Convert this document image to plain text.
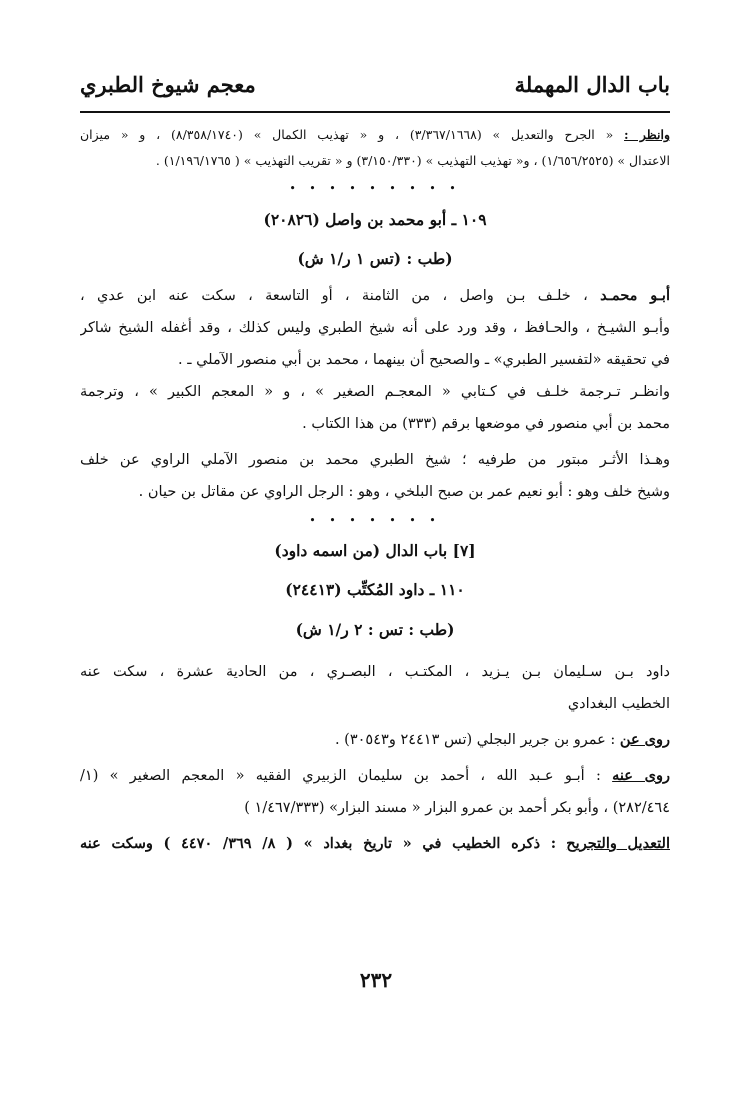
باب الدال المهملة
معجم شيوخ الطبري

وانظر : « الجرح والتعديل » (٣/٣٦٧/١٦٦٨) ، و « تهذيب الكمال » (٨/٣٥٨/١٧٤٠) ، و « ميزان

الاعتدال » (١/٦٥٦/٢٥٢٥) ، و« تهذيب التهذيب » (٣/١٥٠/٣٣٠) و « تقريب التهذيب » ( ١/١٩٦/١٧٦٥) .

• • • • • • • • •

١٠٩ ـ أبو محمد بن واصل (٢٠٨٢٦)

(طب : (تس ١ ر/١ ش)

أبـو محمـد ، خلـف بـن واصل ، من الثامنة ، أو التاسعة ، سكت عنه ابن عدي ،

وأبـو الشيـخ ، والحـافظ ، وقد ورد على أنه شيخ الطبري وليس كذلك ، وقد أغفله الشيخ شاكر

في تحقيقه «لتفسير الطبري» ـ والصحيح أن بينهما ، محمد بن أبي منصور الآملي ـ .

وانظـر تـرجمة خلـف في كـتابي « المعجـم الصغير » ، و « المعجم الكبير » ، وترجمة

محمد بن أبي منصور في موضعها برقم (٣٣٣) من هذا الكتاب .

وهـذا الأثـر مبتور من طرفيه ؛ شيخ الطبري محمد بن منصور الآملي الراوي عن خلف

وشيخ خلف وهو : أبو نعيم عمر بن صبح البلخي ، وهو : الرجل الراوي عن مقاتل بن حيان .

• • • • • • •

[٧] باب الدال (من اسمه داود)

١١٠ ـ داود المُكتِّب (٢٤٤١٣)

(طب : تس : ٢ ر/١ ش)

داود بـن سـليمان بـن يـزيد ، المكتـب ، البصـري ، من الحادية عشرة ، سكت عنه

الخطيب البغدادي

روى عن : عمرو بن جرير البجلي (تس ٢٤٤١٣ و٣٠٥٤٣) .

روى عنه : أبـو عـبد الله ، أحمد بن سليمان الزبيري الفقيه « المعجم الصغير » (١/

٢٨٢/٤٦٤) ، وأبو بكر أحمد بن عمرو البزار « مسند البزار» (١/٤٦٧/٣٣٣ )

التعديل والتجريح : ذكره الخطيب في « تاريخ بغداد » ( ٨/ ٣٦٩/ ٤٤٧٠ ) وسكت عنه

٢٣٢
